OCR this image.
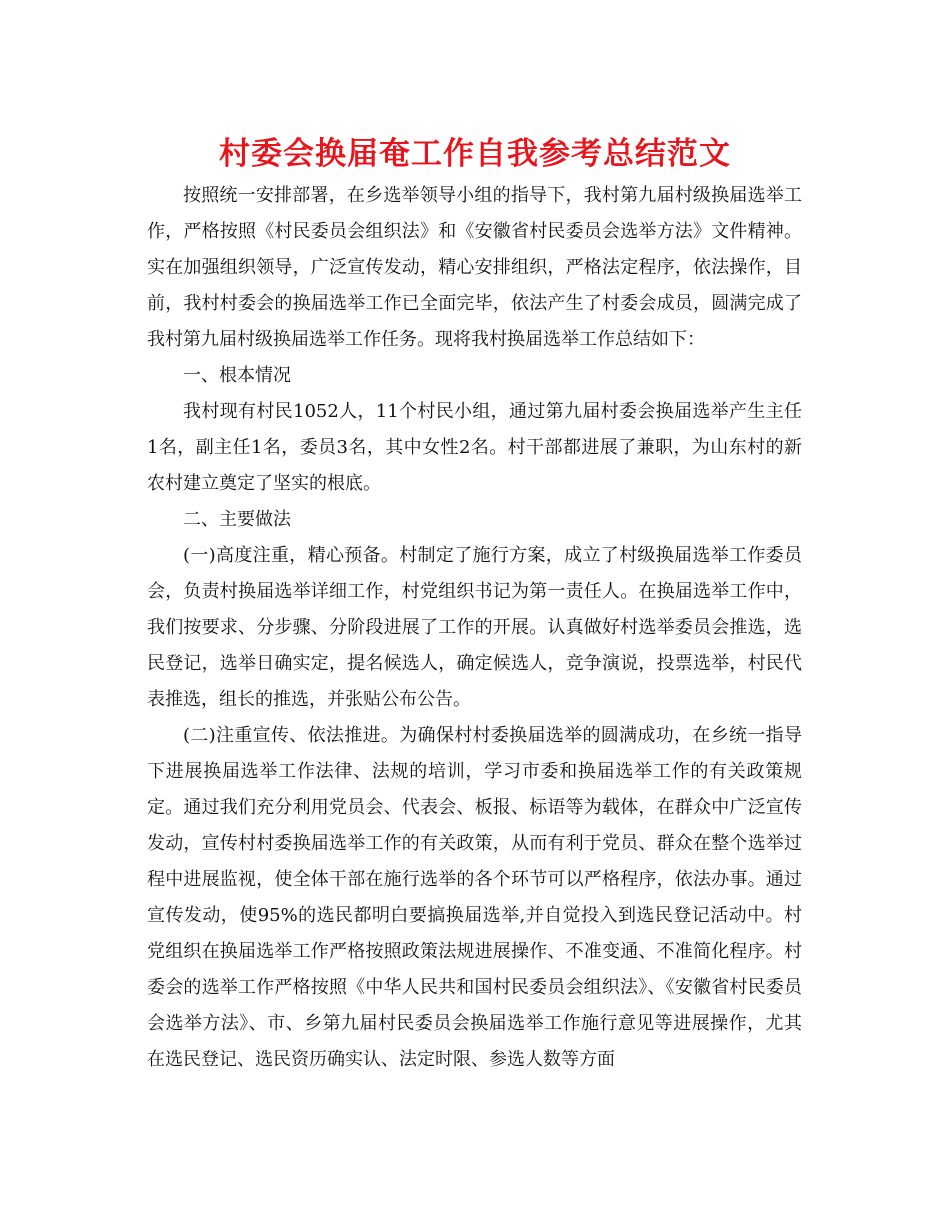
村委会换届奄工作自我参考总结范文

按照统一安排部署，在乡选举领导小组的指导下，我村第九届村级换届选举工作，严格按照《村民委员会组织法》和《安徽省村民委员会选举方法》文件精神。实在加强组织领导，广泛宣传发动，精心安排组织，严格法定程序，依法操作，目前，我村村委会的换届选举工作已全面完毕，依法产生了村委会成员，圆满完成了我村第九届村级换届选举工作任务。现将我村换届选举工作总结如下：

一、根本情况

我村现有村民1052人，11个村民小组，通过第九届村委会换届选举产生主任1名，副主任1名，委员3名，其中女性2名。村干部都进展了兼职，为山东村的新农村建立奠定了坚实的根底。

二、主要做法

(一)高度注重，精心预备。村制定了施行方案，成立了村级换届选举工作委员会，负责村换届选举详细工作，村党组织书记为第一责任人。在换届选举工作中，我们按要求、分步骤、分阶段进展了工作的开展。认真做好村选举委员会推选，选民登记，选举日确实定，提名候选人，确定候选人，竞争演说，投票选举，村民代表推选，组长的推选，并张贴公布公告。

(二)注重宣传、依法推进。为确保村村委换届选举的圆满成功，在乡统一指导下进展换届选举工作法律、法规的培训，学习市委和换届选举工作的有关政策规定。通过我们充分利用党员会、代表会、板报、标语等为载体，在群众中广泛宣传发动，宣传村村委换届选举工作的有关政策，从而有利于党员、群众在整个选举过程中进展监视，使全体干部在施行选举的各个环节可以严格程序，依法办事。通过宣传发动，使95%的选民都明白要搞换届选举,并自觉投入到选民登记活动中。村党组织在换届选举工作严格按照政策法规进展操作、不准变通、不准简化程序。村委会的选举工作严格按照《中华人民共和国村民委员会组织法》、《安徽省村民委员会选举方法》、市、乡第九届村民委员会换届选举工作施行意见等进展操作，尤其在选民登记、选民资历确实认、法定时限、参选人数等方面
